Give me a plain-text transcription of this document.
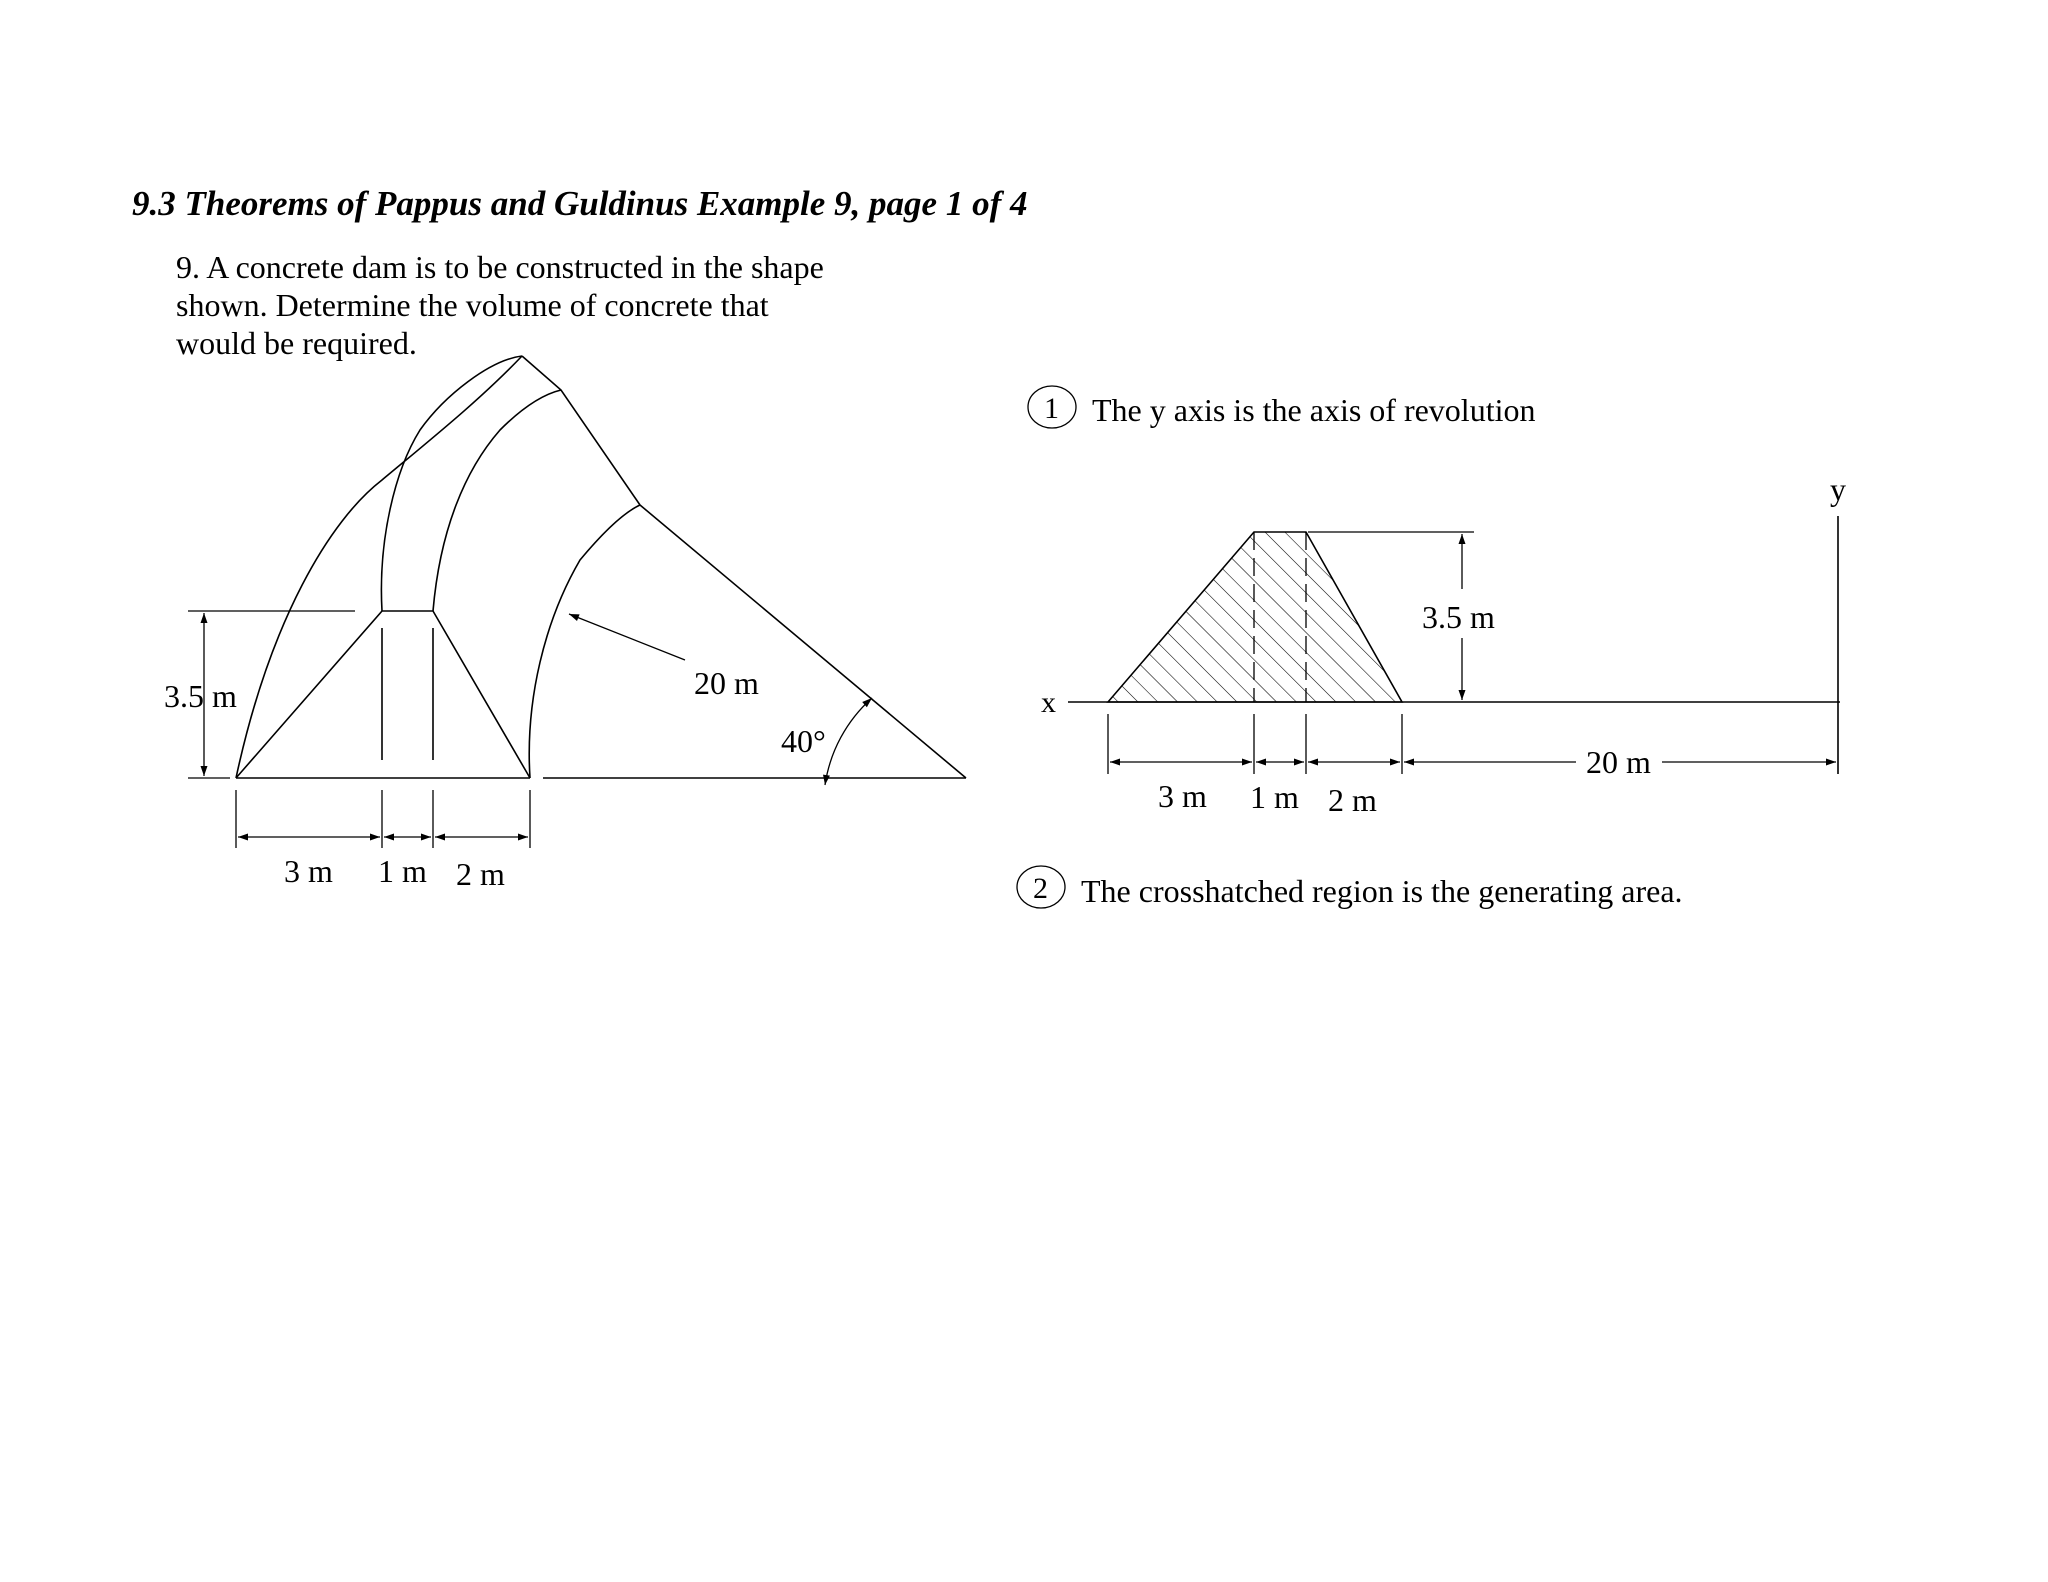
9.3 Theorems of Pappus and Guldinus Example 9, page 1 of 4
9. A concrete dam is to be constructed in the shape
shown. Determine the volume of concrete that
would be required.
3.5 m	20 m
40°
3 m 1 m 2 m
1 The y axis is the axis of revolution
x
y
3.5 m
3 m 1 m 2 m
20 m
2 The crosshatched region is the generating area.
